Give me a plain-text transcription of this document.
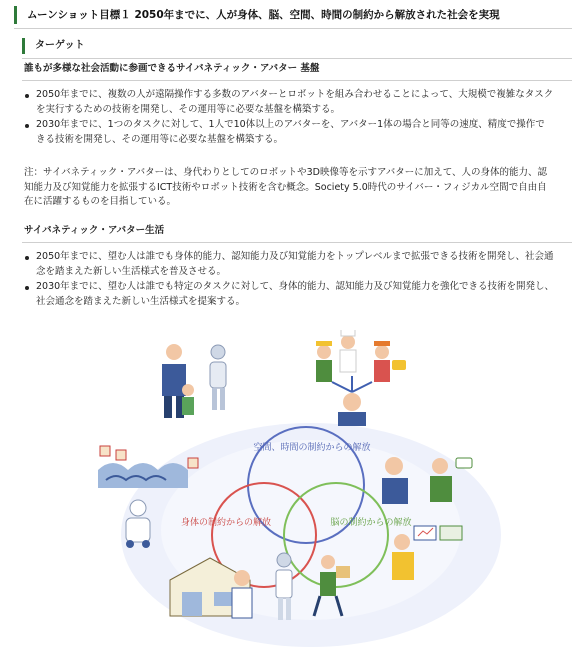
ムーンショット目標１ 2050年までに、人が身体、脳、空間、時間の制約から解放された社会を実現
ターゲット
誰もが多様な社会活動に参画できるサイバネティック・アバター 基盤
2050年までに、複数の人が遠隔操作する多数のアバターとロボットを組み合わせることによって、大規模で複雑なタスクを実行するための技術を開発し、その運用等に必要な基盤を構築する。
2030年までに、1つのタスクに対して、1人で10体以上のアバターを、アバター1体の場合と同等の速度、精度で操作できる技術を開発し、その運用等に必要な基盤を構築する。
注：サイバネティック・アバターは、身代わりとしてのロボットや3D映像等を示すアバターに加えて、人の身体的能力、認知能力及び知覚能力を拡張するICT技術やロボット技術を含む概念。Society 5.0時代のサイバー・フィジカル空間で自由自在に活躍するものを目指している。
サイバネティック・アバター生活
2050年までに、望む人は誰でも身体的能力、認知能力及び知覚能力をトップレベルまで拡張できる技術を開発し、社会通念を踏まえた新しい生活様式を普及させる。
2030年までに、望む人は誰でも特定のタスクに対して、身体的能力、認知能力及び知覚能力を強化できる技術を開発し、社会通念を踏まえた新しい生活様式を提案する。
空間、時間の制約からの解放
身体の制約からの解放	脳の制約からの解放
